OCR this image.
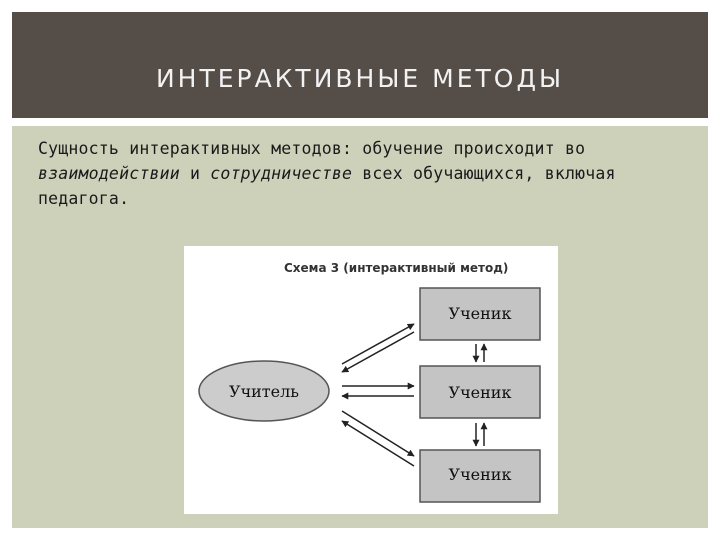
ИНТЕРАКТИВНЫЕ МЕТОДЫ
Сущность интерактивных методов: обучение происходит во взаимодействии и сотрудничестве всех обучающихся, включая педагога.
Схема 3 (интерактивный метод)
Учитель
Ученик
Ученик
Ученик
